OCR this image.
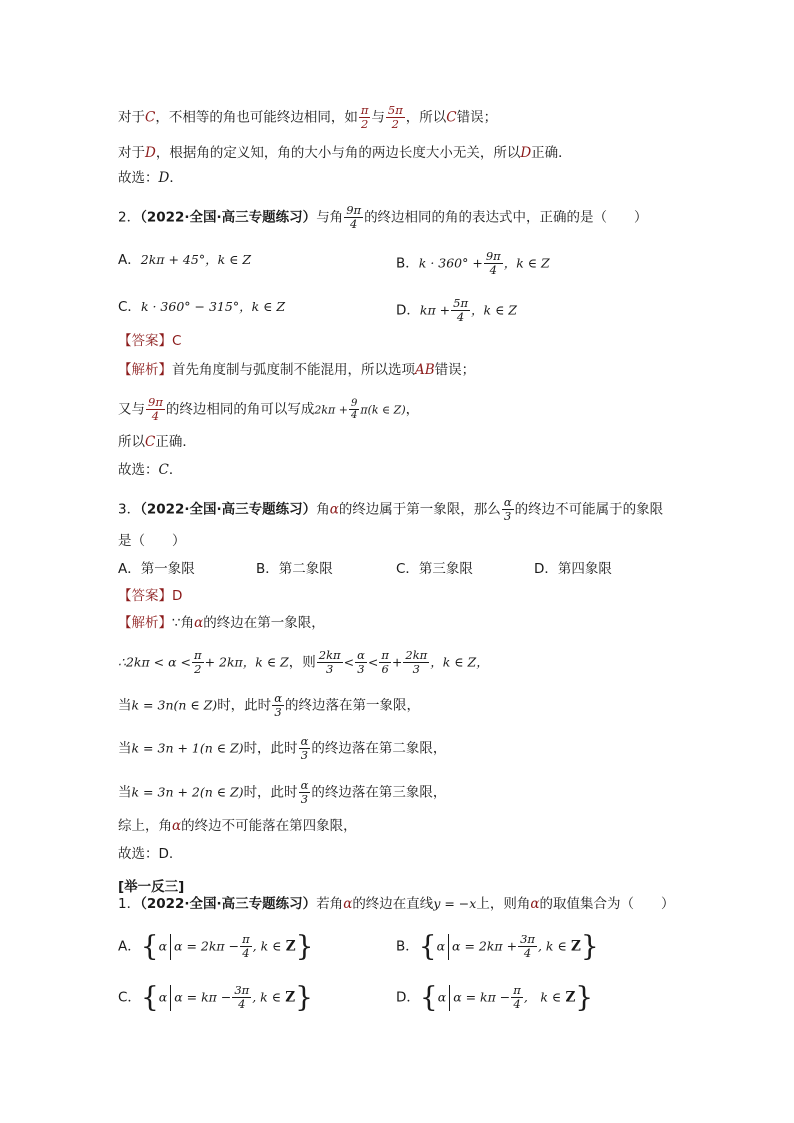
对于C，不相等的角也可能终边相同，如 $\frac{\pi}{2}$ 与 $\frac{5\pi}{2}$ ，所以C错误；
对于D，根据角的定义知，角的大小与角的两边长度大小无关，所以D正确．
故选：D．
2．（2022·全国·高三专题练习）与角 $\frac{9\pi}{4}$ 的终边相同的角的表达式中，正确的是（　　）
A．2kπ + 45°，k ∈ Z	B．$k \cdot 360^\circ + \frac{9\pi}{4}$ ，k ∈ Z
C．k · 360° − 315°，k ∈ Z	D．$k\pi + \frac{5\pi}{4}$ ，k ∈ Z
【答案】C
【解析】首先角度制与弧度制不能混用，所以选项AB错误；
又与 $\frac{9\pi}{4}$ 的终边相同的角可以写成$2k\pi + \frac{9}{4} \pi(k$ ∈ Z)，
所以C正确．
故选：C．
3．（2022·全国·高三专题练习）角α的终边属于第一象限，那么 $\frac{\alpha}{3}$ 的终边不可能属于的象限
是（　　）
A．第一象限	B．第二象限	C．第三象限	D．第四象限
【答案】D
【解析】∵角α的终边在第一象限，
∴2kπ < $\alpha < \frac{\pi}{2} + 2k\pi$，k ∈ Z，则 $\frac{2k\pi}{3} < \frac{\alpha}{3} < \frac{\pi}{6} + \frac{2k\pi}{3}$ ，k ∈ Z，
当k = 3n(n ∈ Z)时，此时 $\frac{\alpha}{3}$ 的终边落在第一象限，
当k = 3n + 1(n ∈ Z)时，此时 $\frac{\alpha}{3}$ 的终边落在第二象限，
当k = 3n + 2(n ∈ Z)时，此时 $\frac{\alpha}{3}$ 的终边落在第三象限，
综上，角α的终边不可能落在第四象限，
故选：D.
[举一反三]
1．（2022·全国·高三专题练习）若角α的终边在直线y = −x上，则角α的取值集合为（　　）
A．{α $\alpha = 2k\pi - \frac{\pi}{4}$ , k ∈ Z}	B．{α $\alpha = 2k\pi + \frac{3\pi}{4}$ , k ∈ Z}
C．{α $\alpha = k\pi - \frac{3\pi}{4}$ , k ∈ Z}	D．{α $\alpha = k\pi - \frac{\pi}{4}$ ,　k ∈ Z}
